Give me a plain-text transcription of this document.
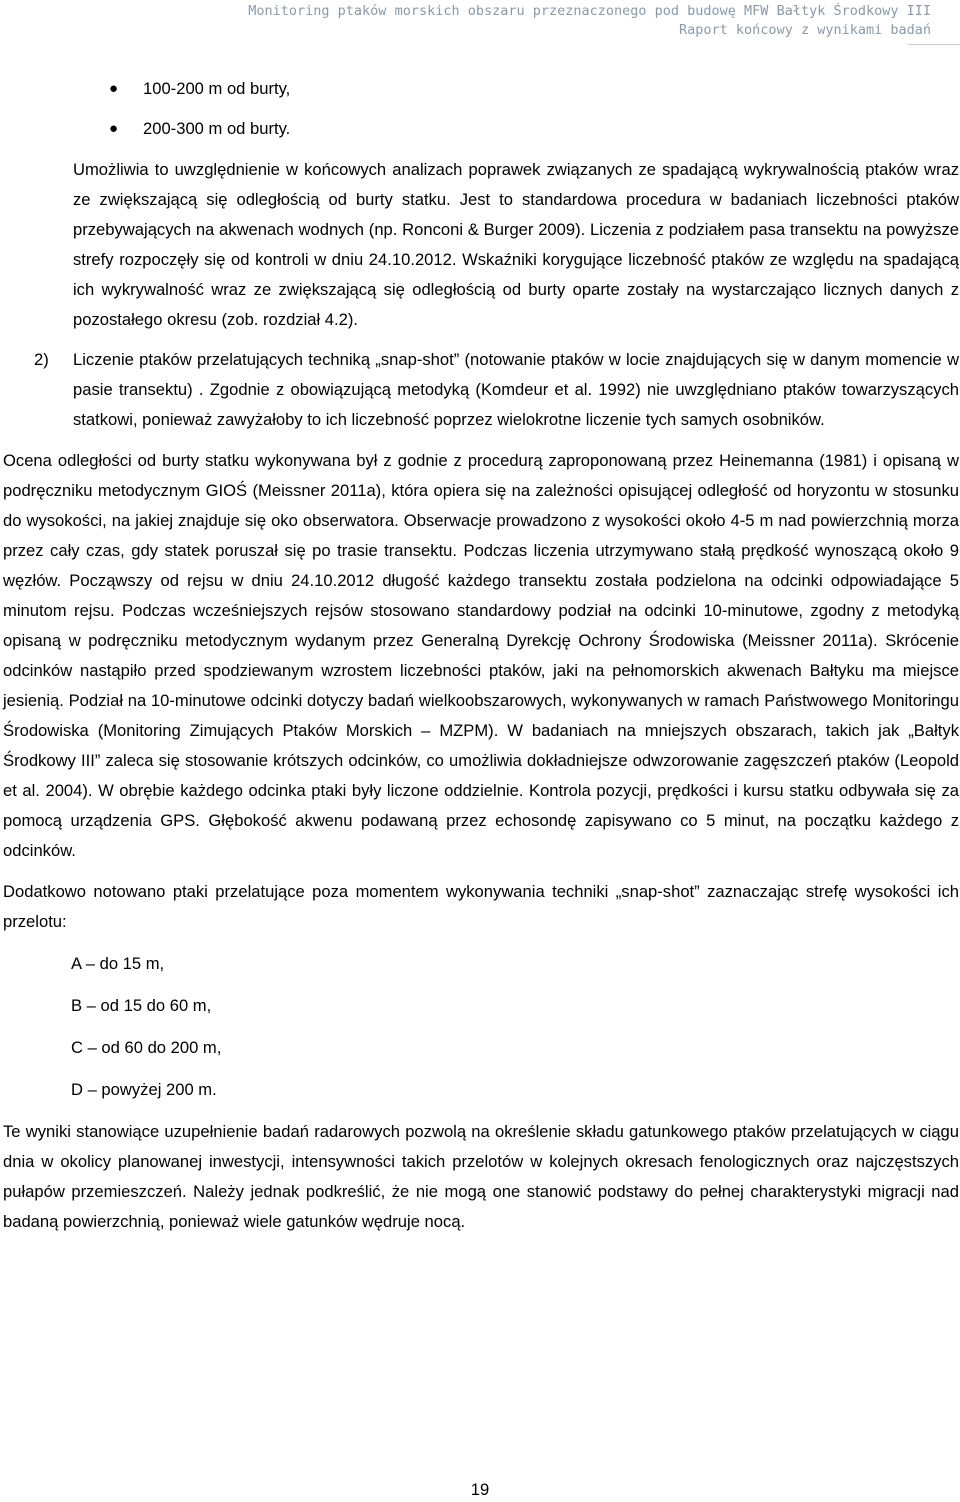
Monitoring ptaków morskich obszaru przeznaczonego pod budowę MFW Bałtyk Środkowy III
Raport końcowy z wynikami badań
● 100-200 m od burty,
● 200-300 m od burty.

Umożliwia to uwzględnienie w końcowych analizach poprawek związanych ze spadającą wykrywalnością ptaków wraz ze zwiększającą się odległością od burty statku. Jest to standardowa procedura w badaniach liczebności ptaków przebywających na akwenach wodnych (np. Ronconi & Burger 2009). Liczenia z podziałem pasa transektu na powyższe strefy rozpoczęły się od kontroli w dniu 24.10.2012. Wskaźniki korygujące liczebność ptaków ze względu na spadającą ich wykrywalność wraz ze zwiększającą się odległością od burty oparte zostały na wystarczająco licznych danych z pozostałego okresu (zob. rozdział 4.2).

2) Liczenie ptaków przelatujących techniką „snap-shot” (notowanie ptaków w locie znajdujących się w danym momencie w pasie transektu) . Zgodnie z obowiązującą metodyką (Komdeur et al. 1992) nie uwzględniano ptaków towarzyszących statkowi, ponieważ zawyżałoby to ich liczebność poprzez wielokrotne liczenie tych samych osobników.

Ocena odległości od burty statku wykonywana był z godnie z procedurą zaproponowaną przez Heinemanna (1981) i opisaną w podręczniku metodycznym GIOŚ (Meissner 2011a), która opiera się na zależności opisującej odległość od horyzontu w stosunku do wysokości, na jakiej znajduje się oko obserwatora. Obserwacje prowadzono z wysokości około 4-5 m nad powierzchnią morza przez cały czas, gdy statek poruszał się po trasie transektu. Podczas liczenia utrzymywano stałą prędkość wynoszącą około 9 węzłów. Począwszy od rejsu w dniu 24.10.2012 długość każdego transektu została podzielona na odcinki odpowiadające 5 minutom rejsu. Podczas wcześniejszych rejsów stosowano standardowy podział na odcinki 10-minutowe, zgodny z metodyką opisaną w podręczniku metodycznym wydanym przez Generalną Dyrekcję Ochrony Środowiska (Meissner 2011a). Skrócenie odcinków nastąpiło przed spodziewanym wzrostem liczebności ptaków, jaki na pełnomorskich akwenach Bałtyku ma miejsce jesienią. Podział na 10-minutowe odcinki dotyczy badań wielkoobszarowych, wykonywanych w ramach Państwowego Monitoringu Środowiska (Monitoring Zimujących Ptaków Morskich – MZPM). W badaniach na mniejszych obszarach, takich jak „Bałtyk Środkowy III” zaleca się stosowanie krótszych odcinków, co umożliwia dokładniejsze odwzorowanie zagęszczeń ptaków (Leopold et al. 2004). W obrębie każdego odcinka ptaki były liczone oddzielnie. Kontrola pozycji, prędkości i kursu statku odbywała się za pomocą urządzenia GPS. Głębokość akwenu podawaną przez echosondę zapisywano co 5 minut, na początku każdego z odcinków.

Dodatkowo notowano ptaki przelatujące poza momentem wykonywania techniki „snap-shot” zaznaczając strefę wysokości ich przelotu:

A – do 15 m,
B – od 15 do 60 m,
C – od 60 do 200 m,
D – powyżej 200 m.

Te wyniki stanowiące uzupełnienie badań radarowych pozwolą na określenie składu gatunkowego ptaków przelatujących w ciągu dnia w okolicy planowanej inwestycji, intensywności takich przelotów w kolejnych okresach fenologicznych oraz najczęstszych pułapów przemieszczeń. Należy jednak podkreślić, że nie mogą one stanowić podstawy do pełnej charakterystyki migracji nad badaną powierzchnią, ponieważ wiele gatunków wędruje nocą.

19
